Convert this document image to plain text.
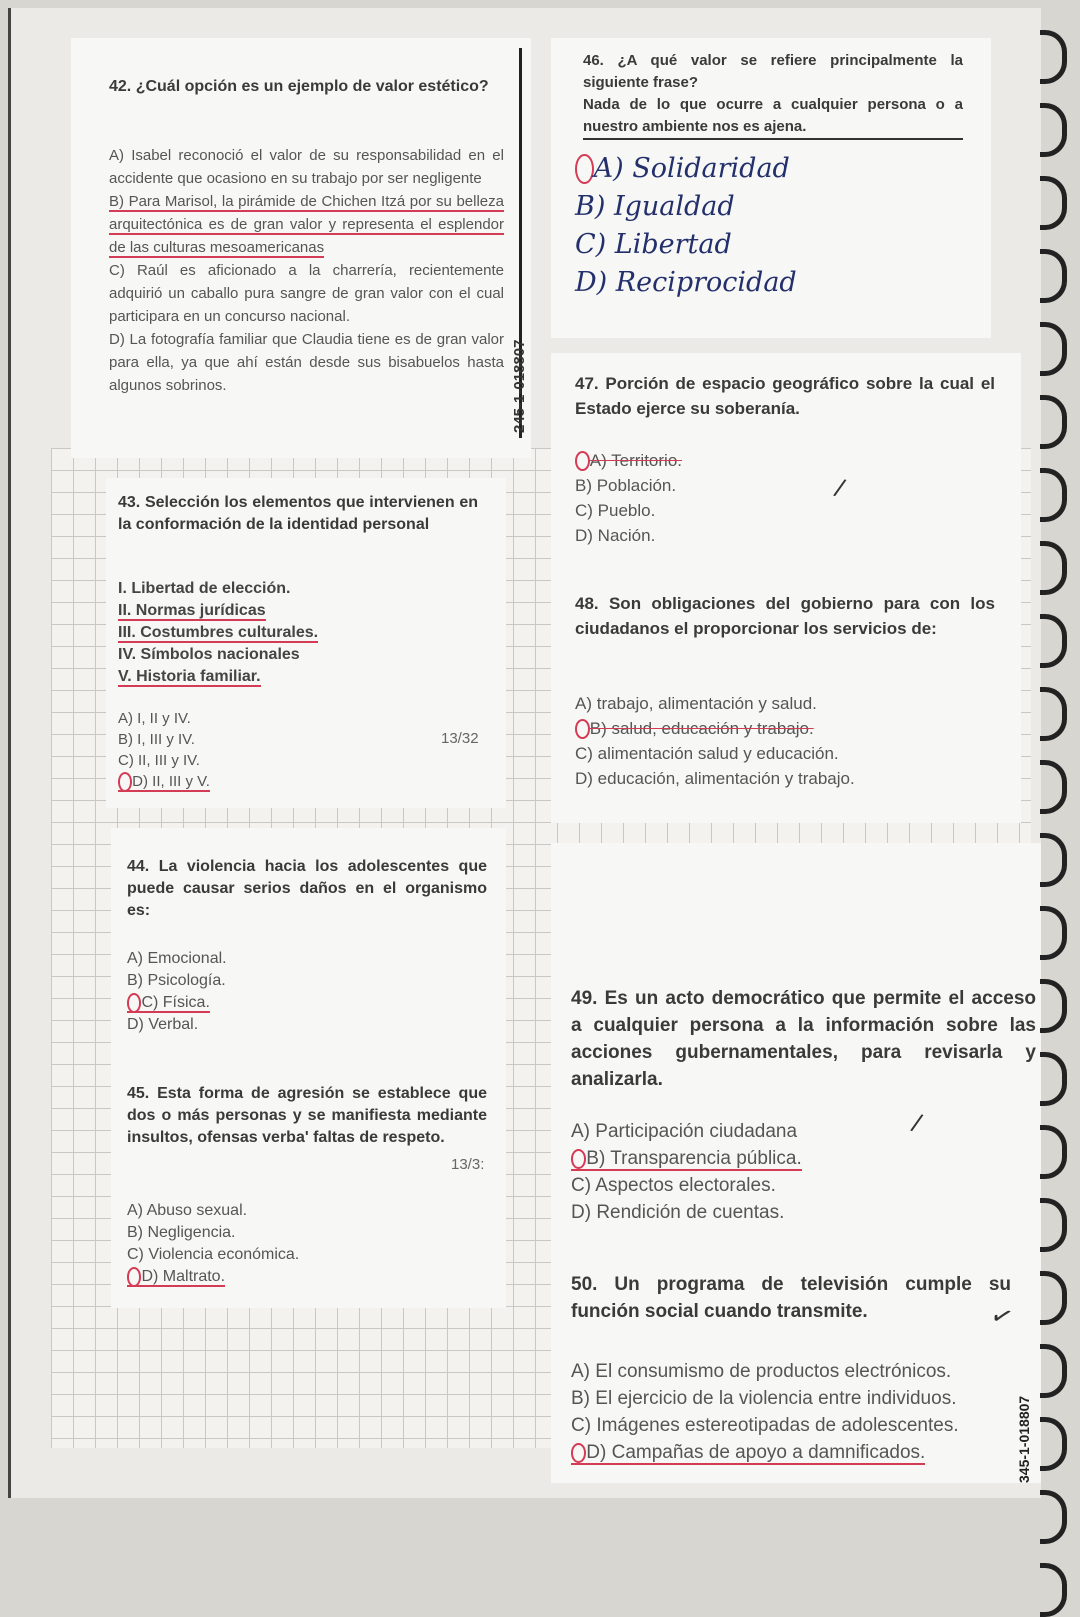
42. ¿Cuál opción es un ejemplo de valor estético?
A) Isabel reconoció el valor de su responsabilidad en el accidente que ocasiono en su trabajo por ser negligente
B) Para Marisol, la pirámide de Chichen Itzá por su belleza arquitectónica es de gran valor y representa el esplendor de las culturas mesoamericanas
C) Raúl es aficionado a la charrería, recientemente adquirió un caballo pura sangre de gran valor con el cual participara en un concurso nacional.
D) La fotografía familiar que Claudia tiene es de gran valor para ella, ya que ahí están desde sus bisabuelos hasta algunos sobrinos.	245-1-018807
43. Selección los elementos que intervienen en la conformación de la identidad personal
I. Libertad de elección.
II. Normas jurídicas
III. Costumbres culturales.
IV. Símbolos nacionales
V. Historia familiar.
A) I, II y IV.
B) I, III y IV.
C) II, III y IV.
D) II, III y V.
13/32
44. La violencia hacia los adolescentes que puede causar serios daños en el organismo es:
A) Emocional.
B) Psicología.
C) Física.
D) Verbal.
45. Esta forma de agresión se establece que dos o más personas y se manifiesta mediante insultos, ofensas verba' faltas de respeto.
13/3:
A) Abuso sexual.
B) Negligencia.
C) Violencia económica.
D) Maltrato.
46. ¿A qué valor se refiere principalmente la siguiente frase?
Nada de lo que ocurre a cualquier persona o a nuestro ambiente nos es ajena.
A) Solidaridad
B) Igualdad
C) Libertad
D) Reciprocidad
47. Porción de espacio geográfico sobre la cual el Estado ejerce su soberanía.
A) Territorio.
B) Población.
C) Pueblo.
D) Nación.
/
48. Son obligaciones del gobierno para con los ciudadanos el proporcionar los servicios de:
A) trabajo, alimentación y salud.
B) salud, educación y trabajo.
C) alimentación salud y educación.
D) educación, alimentación y trabajo.
49. Es un acto democrático que permite el acceso a cualquier persona a la información sobre las acciones gubernamentales, para revisarla y analizarla.
/
A) Participación ciudadana
B) Transparencia pública.
C) Aspectos electorales.
D) Rendición de cuentas.
50. Un programa de televisión cumple su función social cuando transmite.	✓
A) El consumismo de productos electrónicos.
B) El ejercicio de la violencia entre individuos.
C) Imágenes estereotipadas de adolescentes.
D) Campañas de apoyo a damnificados.	345-1-018807
